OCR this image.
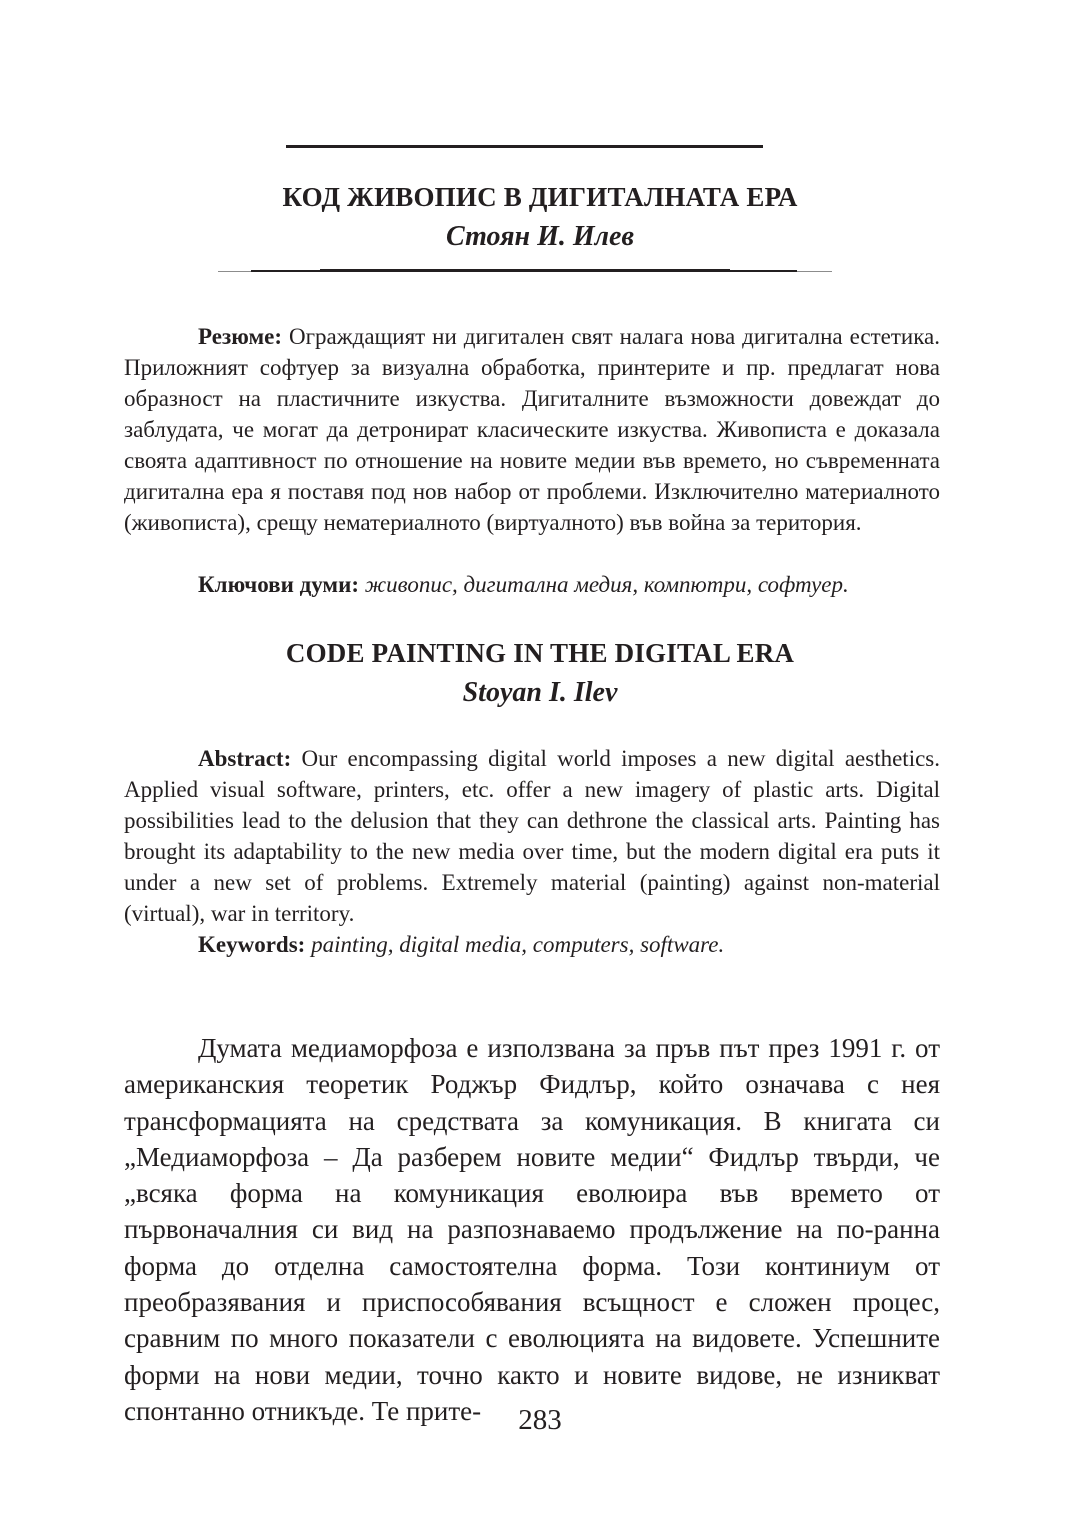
КОД ЖИВОПИС В ДИГИТАЛНАТА ЕРА
Стоян И. Илев

Резюме: Ограждащият ни дигитален свят налага нова дигитална естетика. Приложният софтуер за визуална обработка, принтерите и пр. предлагат нова образност на пластичните изкуства. Дигиталните възможности довеждат до заблудата, че могат да детронират класическите изкуства. Живописта е доказала своята адаптивност по отношение на новите медии във времето, но съвременната дигитална ера я поставя под нов набор от проблеми. Изключително материалното (живописта), срещу нематериалното (виртуалното) във война за територия.

Ключови думи: живопис, дигитална медия, компютри, софтуер.

CODE PAINTING IN THE DIGITAL ERA
Stoyan I. Ilev

Abstract: Our encompassing digital world imposes a new digital aesthetics. Applied visual software, printers, etc. offer a new imagery of plastic arts. Digital possibilities lead to the delusion that they can dethrone the classical arts. Painting has brought its adaptability to the new media over time, but the modern digital era puts it under a new set of problems. Extremely material (painting) against non-material (virtual), war in territory.

Keywords: painting, digital media, computers, software.

Думата медиаморфоза е използвана за пръв път през 1991 г. от американския теоретик Роджър Фидлър, който означава с нея трансформацията на средствата за комуникация. В книгата си „Медиаморфоза – Да разберем новите медии“ Фидлър твърди, че „всяка форма на комуникация еволюира във времето от първоначалния си вид на разпознаваемо продължение на по-ранна форма до отделна самостоятелна форма. Този континиум от преобразявания и приспособявания всъщност е сложен процес, сравним по много показатели с еволюцията на видовете. Успешните форми на нови медии, точно както и новите видове, не изникват спонтанно отникъде. Те прите-	283
